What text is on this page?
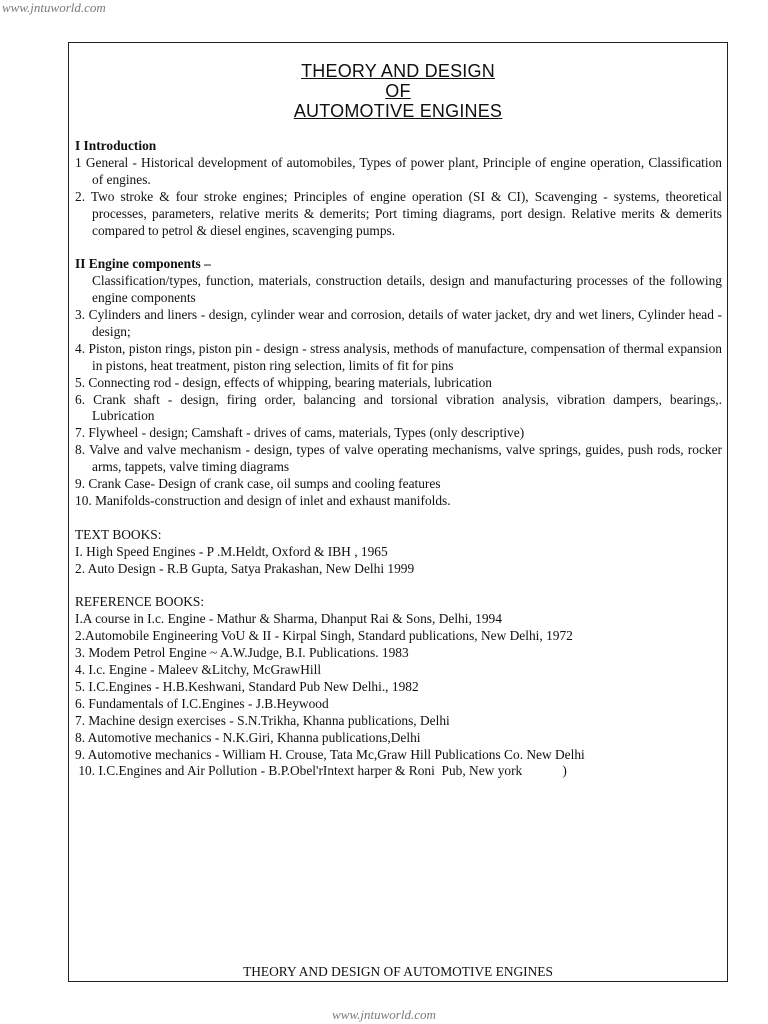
www.jntuworld.com
THEORY AND DESIGN
OF
AUTOMOTIVE ENGINES

I Introduction

1 General - Historical development of automobiles, Types of power plant, Principle of engine operation, Classification of engines.

2. Two stroke & four stroke engines; Principles of engine operation (SI & CI), Scavenging - systems, theoretical processes, parameters, relative merits & demerits; Port timing diagrams, port design. Relative merits & demerits compared to petrol & diesel engines, scavenging pumps.

II Engine components –

Classification/types, function, materials, construction details, design and manufacturing processes of the following engine components

3. Cylinders and liners - design, cylinder wear and corrosion, details of water jacket, dry and wet liners, Cylinder head - design;

4. Piston, piston rings, piston pin - design - stress analysis, methods of manufacture, compensation of thermal expansion in pistons, heat treatment, piston ring selection, limits of fit for pins

5. Connecting rod - design, effects of whipping, bearing materials, lubrication

6. Crank shaft - design, firing order, balancing and torsional vibration analysis, vibration dampers, bearings,. Lubrication

7. Flywheel - design; Camshaft - drives of cams, materials, Types (only descriptive)

8. Valve and valve mechanism - design, types of valve operating mechanisms, valve springs, guides, push rods, rocker arms, tappets, valve timing diagrams

9. Crank Case- Design of crank case, oil sumps and cooling features

10. Manifolds-construction and design of inlet and exhaust manifolds.

TEXT BOOKS:

I. High Speed Engines - P .M.Heldt, Oxford & IBH , 1965

2. Auto Design - R.B Gupta, Satya Prakashan, New Delhi 1999

REFERENCE BOOKS:

I.A course in I.c. Engine - Mathur & Sharma, Dhanput Rai & Sons, Delhi, 1994

2.Automobile Engineering VoU & II - Kirpal Singh, Standard publications, New Delhi, 1972

3. Modem Petrol Engine ~ A.W.Judge, B.I. Publications. 1983

4. I.c. Engine - Maleev &Litchy, McGrawHill

5. I.C.Engines - H.B.Keshwani, Standard Pub New Delhi., 1982

6. Fundamentals of I.C.Engines - J.B.Heywood

7. Machine design exercises - S.N.Trikha, Khanna publications, Delhi

8. Automotive mechanics - N.K.Giri, Khanna publications,Delhi

9. Automotive mechanics - William H. Crouse, Tata Mc,Graw Hill Publications Co. New Delhi

10. I.C.Engines and Air Pollution - B.P.Obel'rIntext harper & Roni  Pub, New york            )

THEORY AND DESIGN OF AUTOMOTIVE ENGINES
www.jntuworld.com
